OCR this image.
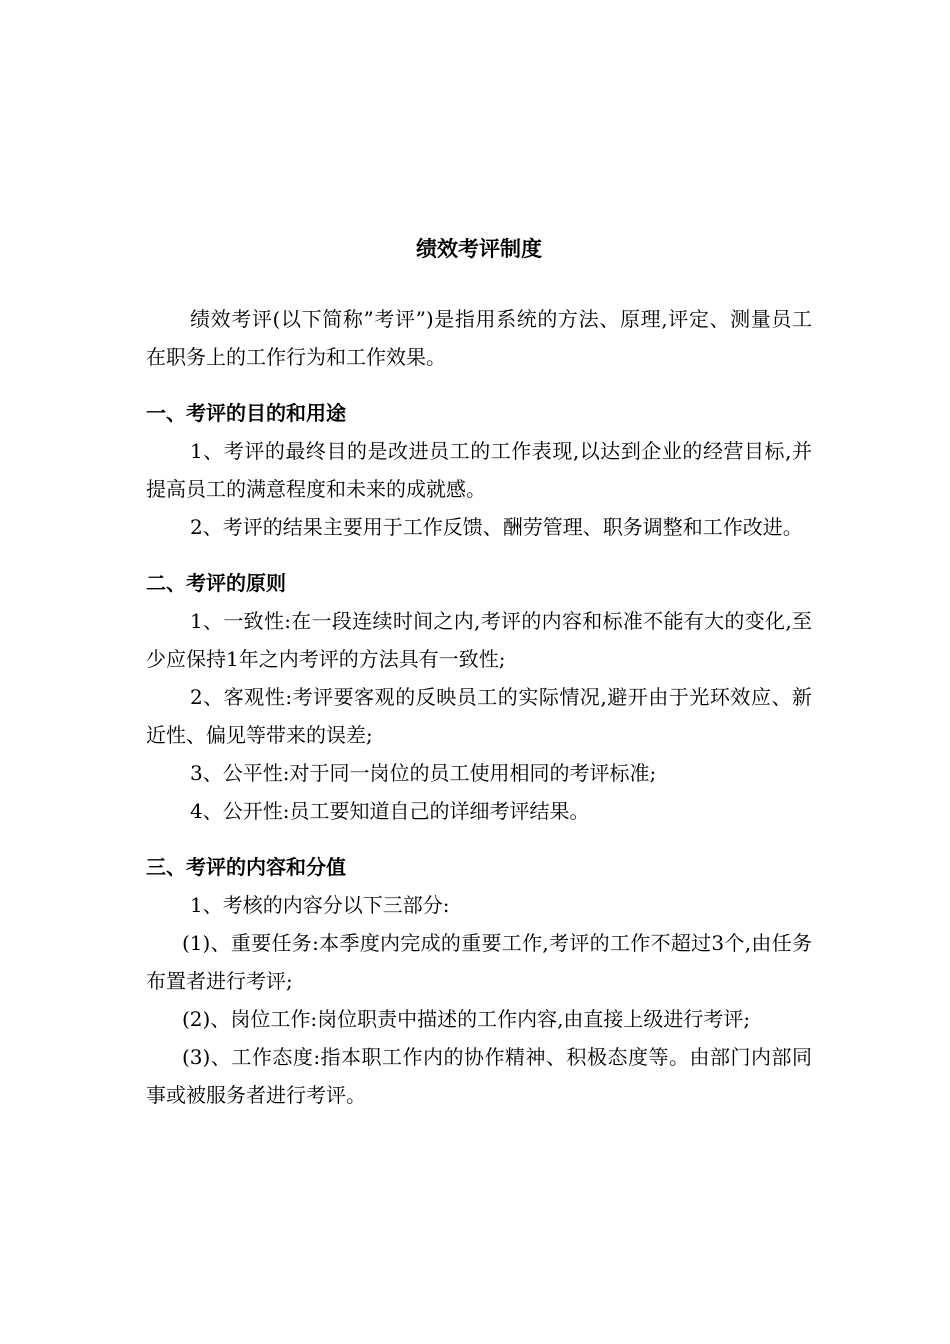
绩效考评制度

绩效考评(以下简称”考评”)是指用系统的方法、原理,评定、测量员工在职务上的工作行为和工作效果。

一、考评的目的和用途

1、考评的最终目的是改进员工的工作表现,以达到企业的经营目标,并提高员工的满意程度和未来的成就感。

2、考评的结果主要用于工作反馈、酬劳管理、职务调整和工作改进。

二、考评的原则

1、一致性:在一段连续时间之内,考评的内容和标准不能有大的变化,至少应保持1年之内考评的方法具有一致性;

2、客观性:考评要客观的反映员工的实际情况,避开由于光环效应、新近性、偏见等带来的误差;

3、公平性:对于同一岗位的员工使用相同的考评标准;

4、公开性:员工要知道自己的详细考评结果。

三、考评的内容和分值

1、考核的内容分以下三部分:

(1)、重要任务:本季度内完成的重要工作,考评的工作不超过3个,由任务布置者进行考评;

(2)、岗位工作:岗位职责中描述的工作内容,由直接上级进行考评;

(3)、工作态度:指本职工作内的协作精神、积极态度等。由部门内部同事或被服务者进行考评。
